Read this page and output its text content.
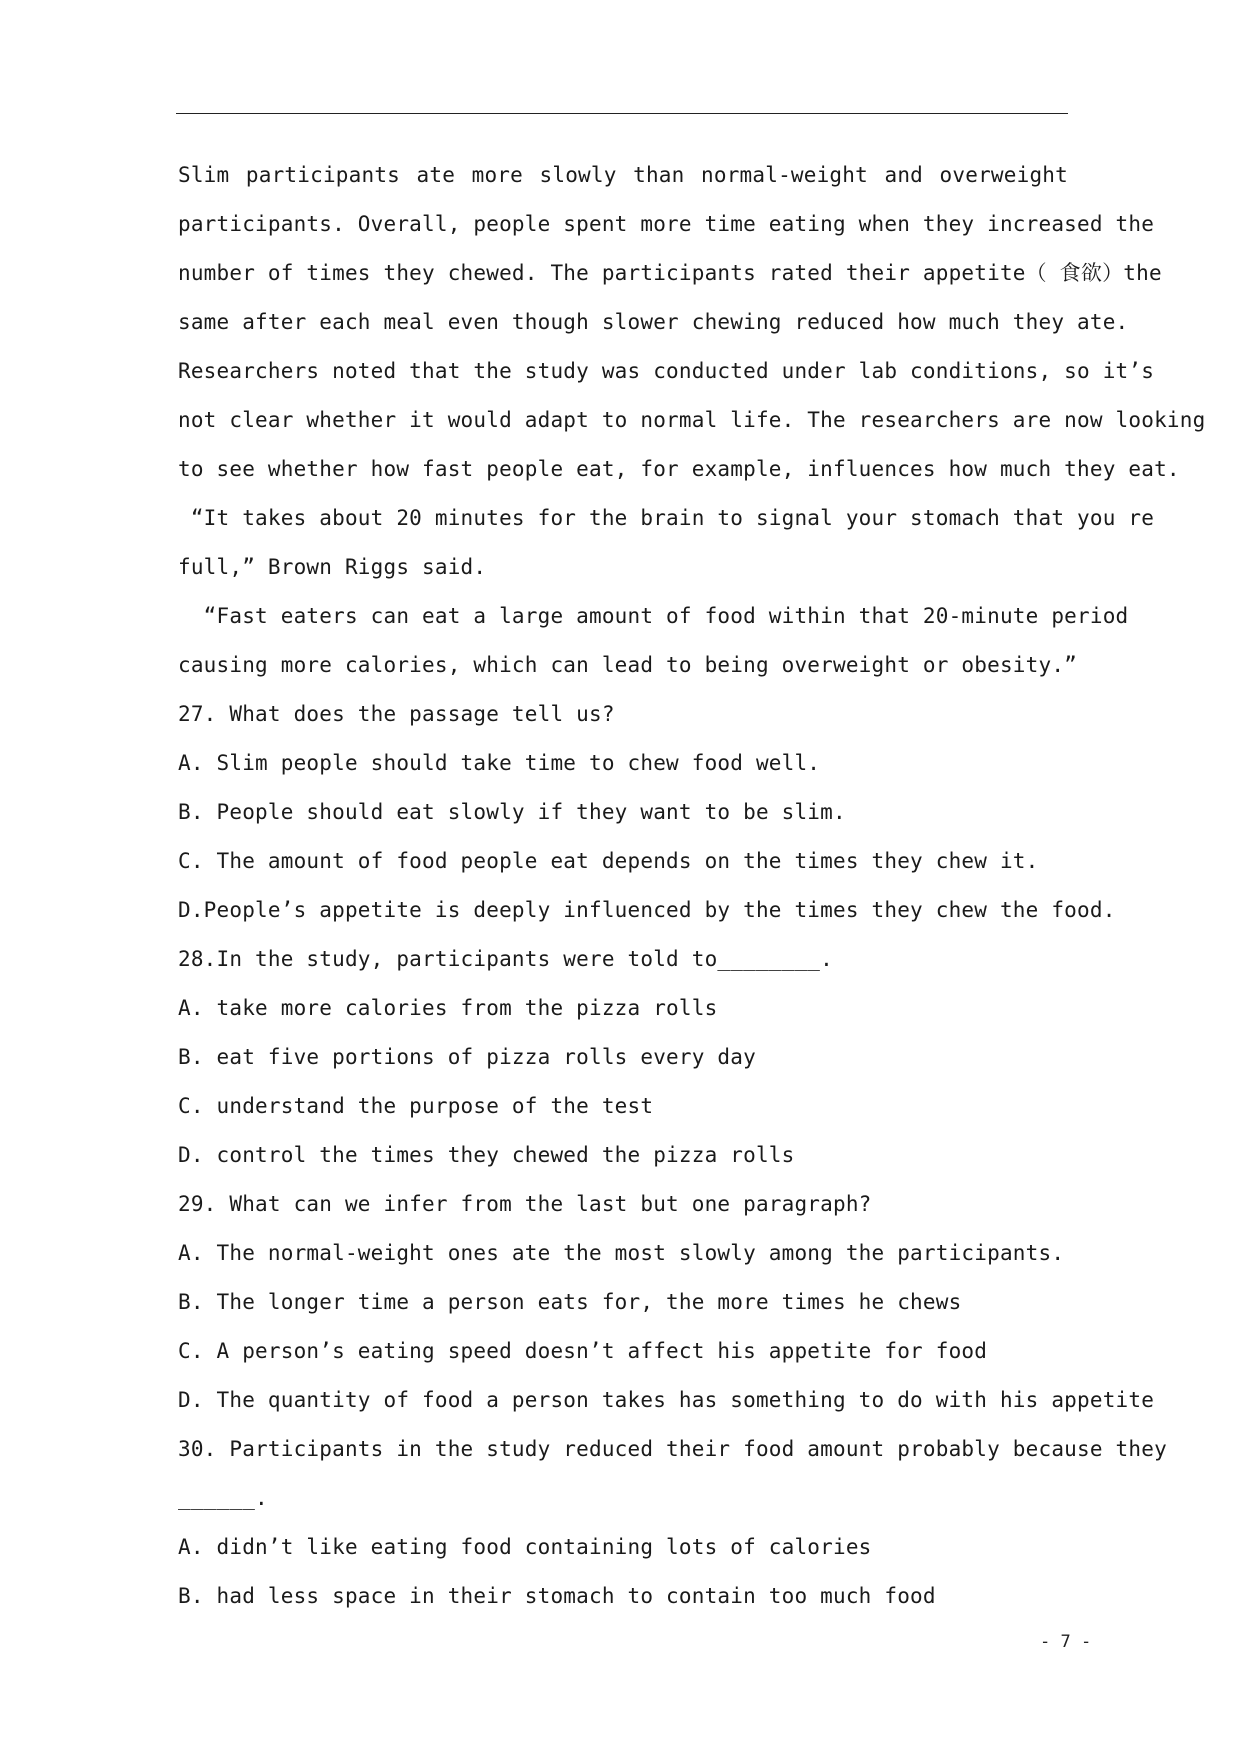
Slim participants ate more slowly than normal-weight and overweight
participants. Overall, people spent more time eating when they increased the
number of times they chewed. The participants rated their appetite（ 食欲）the
same after each meal even though slower chewing reduced how much they ate.
Researchers noted that the study was conducted under lab conditions, so it’s
not clear whether it would adapt to normal life. The researchers are now looking
to see whether how fast people eat, for example, influences how much they eat.
“It takes about 20 minutes for the brain to signal your stomach that you re
full,” Brown Riggs said.
“Fast eaters can eat a large amount of food within that 20-minute period
causing more calories, which can lead to being overweight or obesity.”
27. What does the passage tell us?
A. Slim people should take time to chew food well.
B. People should eat slowly if they want to be slim.
C. The amount of food people eat depends on the times they chew it.
D.People’s appetite is deeply influenced by the times they chew the food.
28.In the study, participants were told to________.
A. take more calories from the pizza rolls
B. eat five portions of pizza rolls every day
C. understand the purpose of the test
D. control the times they chewed the pizza rolls
29. What can we infer from the last but one paragraph?
A. The normal-weight ones ate the most slowly among the participants.
B. The longer time a person eats for, the more times he chews
C. A person’s eating speed doesn’t affect his appetite for food
D. The quantity of food a person takes has something to do with his appetite
30. Participants in the study reduced their food amount probably because they
______.
A. didn’t like eating food containing lots of calories
B. had less space in their stomach to contain too much food
- 7 -
